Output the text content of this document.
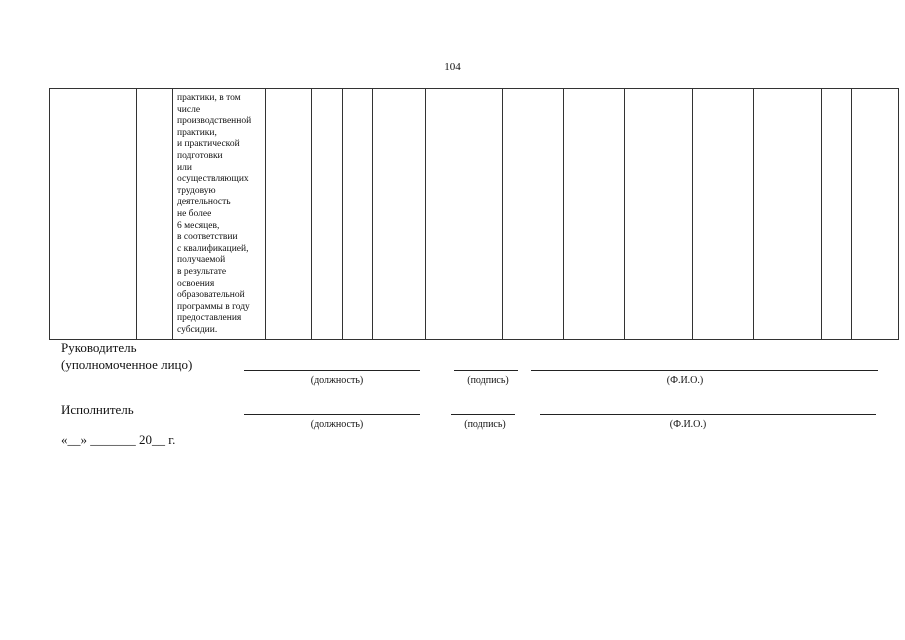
104

практики, в том
числе
производственной
практики,
и практической
подготовки
или
осуществляющих
трудовую
деятельность
не более
6 месяцев,
в соответствии
с квалификацией,
получаемой
в результате
освоения
образовательной
программы в году
предоставления
субсидии.

Руководитель
(уполномоченное лицо)
(должность)	(подпись)	(Ф.И.О.)
Исполнитель
(должность)	(подпись)	(Ф.И.О.)
«__» _______ 20__ г.
